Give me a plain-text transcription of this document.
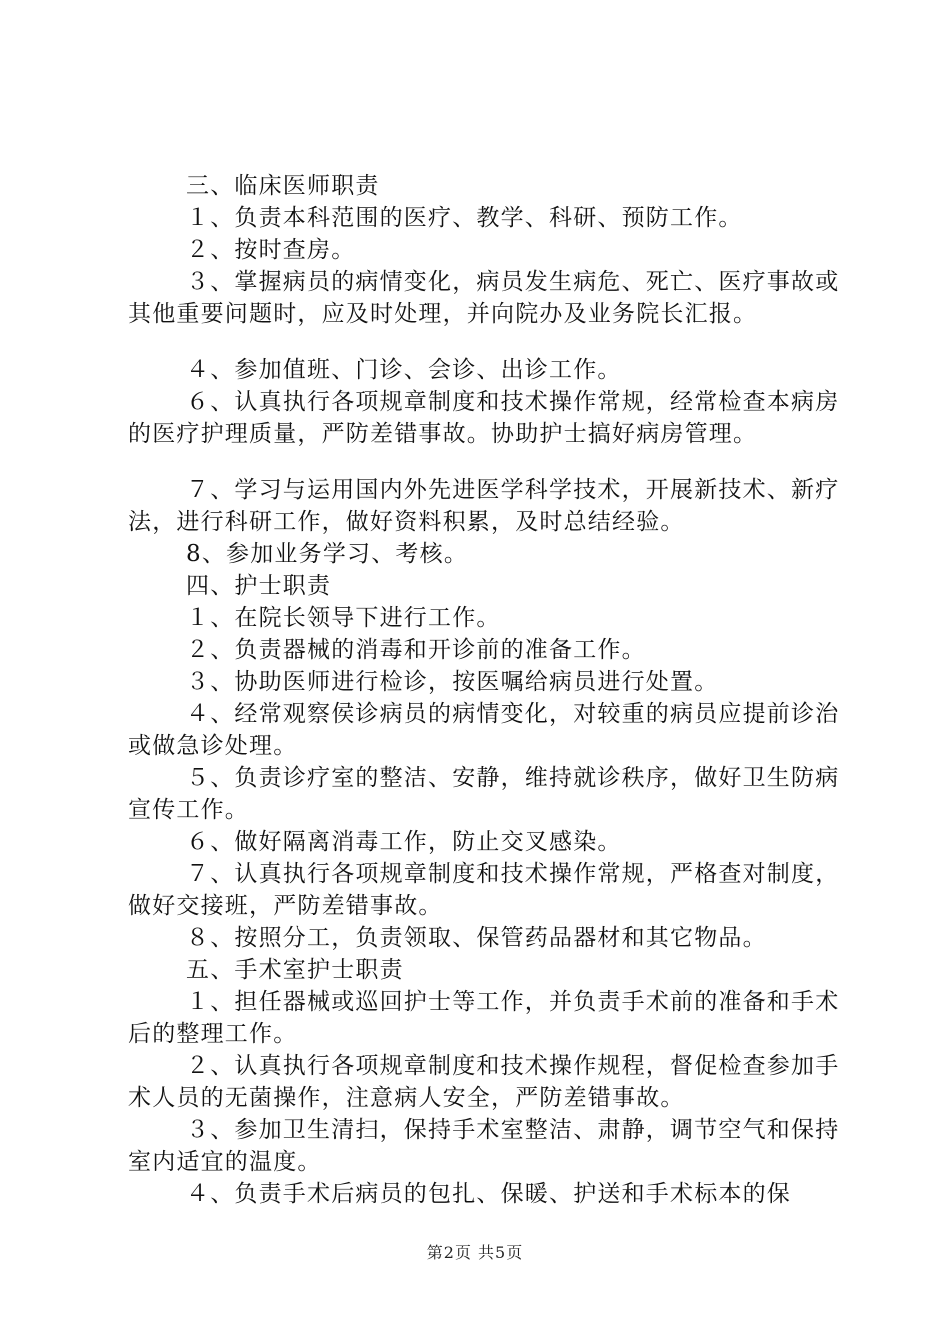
三、临床医师职责

１、负责本科范围的医疗、教学、科研、预防工作。

２、按时查房。

３、掌握病员的病情变化，病员发生病危、死亡、医疗事故或其他重要问题时，应及时处理，并向院办及业务院长汇报。

４、参加值班、门诊、会诊、出诊工作。

６、认真执行各项规章制度和技术操作常规，经常检查本病房的医疗护理质量，严防差错事故。协助护士搞好病房管理。

７、学习与运用国内外先进医学科学技术，开展新技术、新疗法，进行科研工作，做好资料积累，及时总结经验。

8、参加业务学习、考核。

四、护士职责

１、在院长领导下进行工作。

２、负责器械的消毒和开诊前的准备工作。

３、协助医师进行检诊，按医嘱给病员进行处置。

４、经常观察侯诊病员的病情变化，对较重的病员应提前诊治或做急诊处理。

５、负责诊疗室的整洁、安静，维持就诊秩序，做好卫生防病宣传工作。

６、做好隔离消毒工作，防止交叉感染。

７、认真执行各项规章制度和技术操作常规，严格查对制度，做好交接班，严防差错事故。

８、按照分工，负责领取、保管药品器材和其它物品。

五、手术室护士职责

１、担任器械或巡回护士等工作，并负责手术前的准备和手术后的整理工作。

２、认真执行各项规章制度和技术操作规程，督促检查参加手术人员的无菌操作，注意病人安全，严防差错事故。

３、参加卫生清扫，保持手术室整洁、肃静，调节空气和保持室内适宜的温度。

４、负责手术后病员的包扎、保暖、护送和手术标本的保

第2页 共5页
